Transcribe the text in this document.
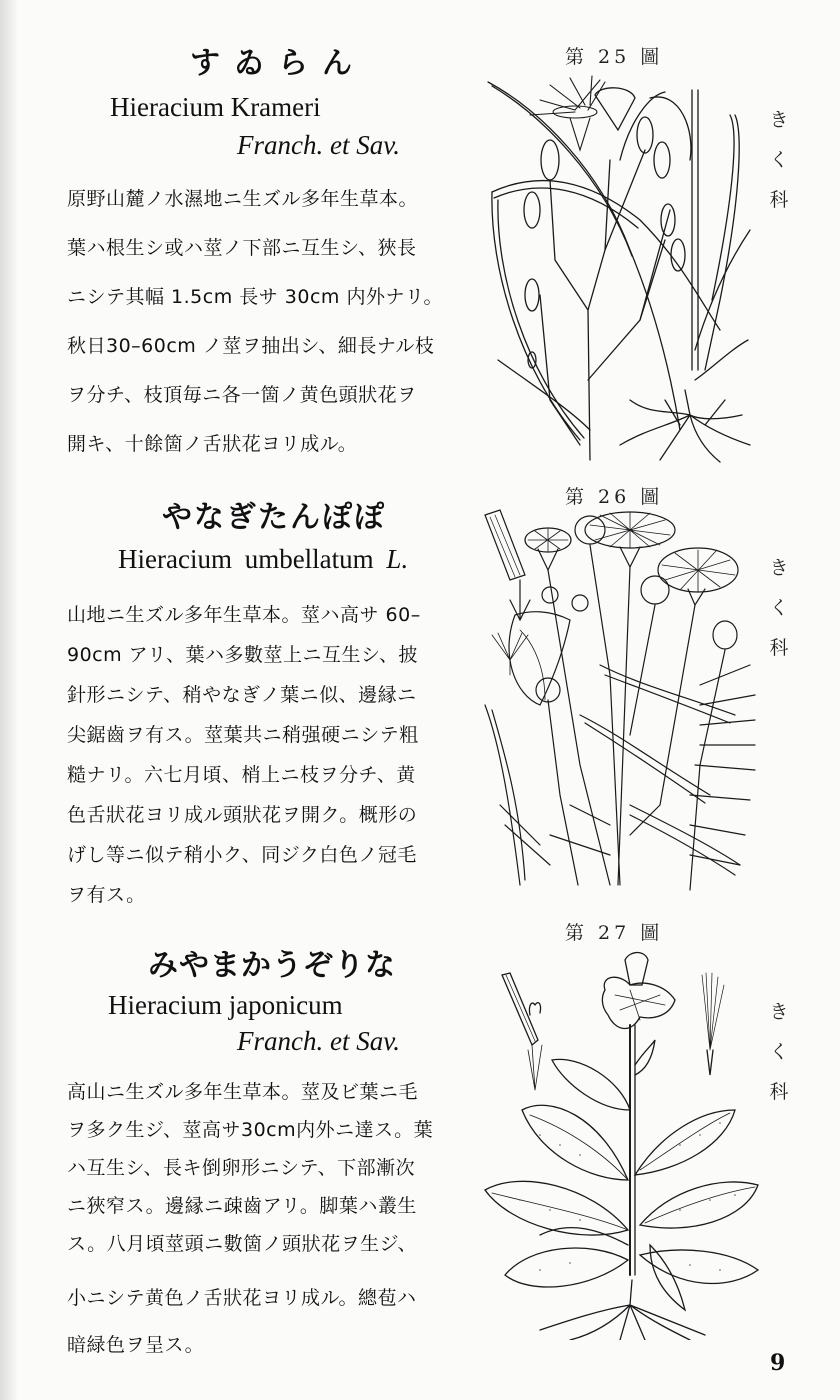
すゐらん
Hieracium Krameri
Franch. et Sav.
原野山麓ノ水濕地ニ生ズル多年生草本。
葉ハ根生シ或ハ莖ノ下部ニ互生シ、狹長
ニシテ其幅 1.5cm 長サ 30cm 内外ナリ。
秋日30–60cm ノ莖ヲ抽出シ、細長ナル枝
ヲ分チ、枝頂毎ニ各一箇ノ黄色頭狀花ヲ
開キ、十餘箇ノ舌狀花ヨリ成ル。
第 25 圖
き
く
科
やなぎたんぽぽ
Hieracium umbellatum L.
山地ニ生ズル多年生草本。莖ハ高サ 60–
90cm アリ、葉ハ多數莖上ニ互生シ、披
針形ニシテ、稍やなぎノ葉ニ似、邊縁ニ
尖鋸齒ヲ有ス。莖葉共ニ稍强硬ニシテ粗
糙ナリ。六七月頃、梢上ニ枝ヲ分チ、黄
色舌狀花ヨリ成ル頭狀花ヲ開ク。概形の
げし等ニ似テ稍小ク、同ジク白色ノ冠毛
ヲ有ス。
第 26 圖
き
く
科
みやまかうぞりな
Hieracium japonicum
Franch. et Sav.
高山ニ生ズル多年生草本。莖及ビ葉ニ毛
ヲ多ク生ジ、莖高サ30cm内外ニ達ス。葉
ハ互生シ、長キ倒卵形ニシテ、下部漸次
ニ狹窄ス。邊縁ニ疎齒アリ。脚葉ハ叢生
ス。八月頃莖頭ニ數箇ノ頭狀花ヲ生ジ、
小ニシテ黄色ノ舌狀花ヨリ成ル。總苞ハ
暗緑色ヲ呈ス。
第 27 圖
き
く
科
9
